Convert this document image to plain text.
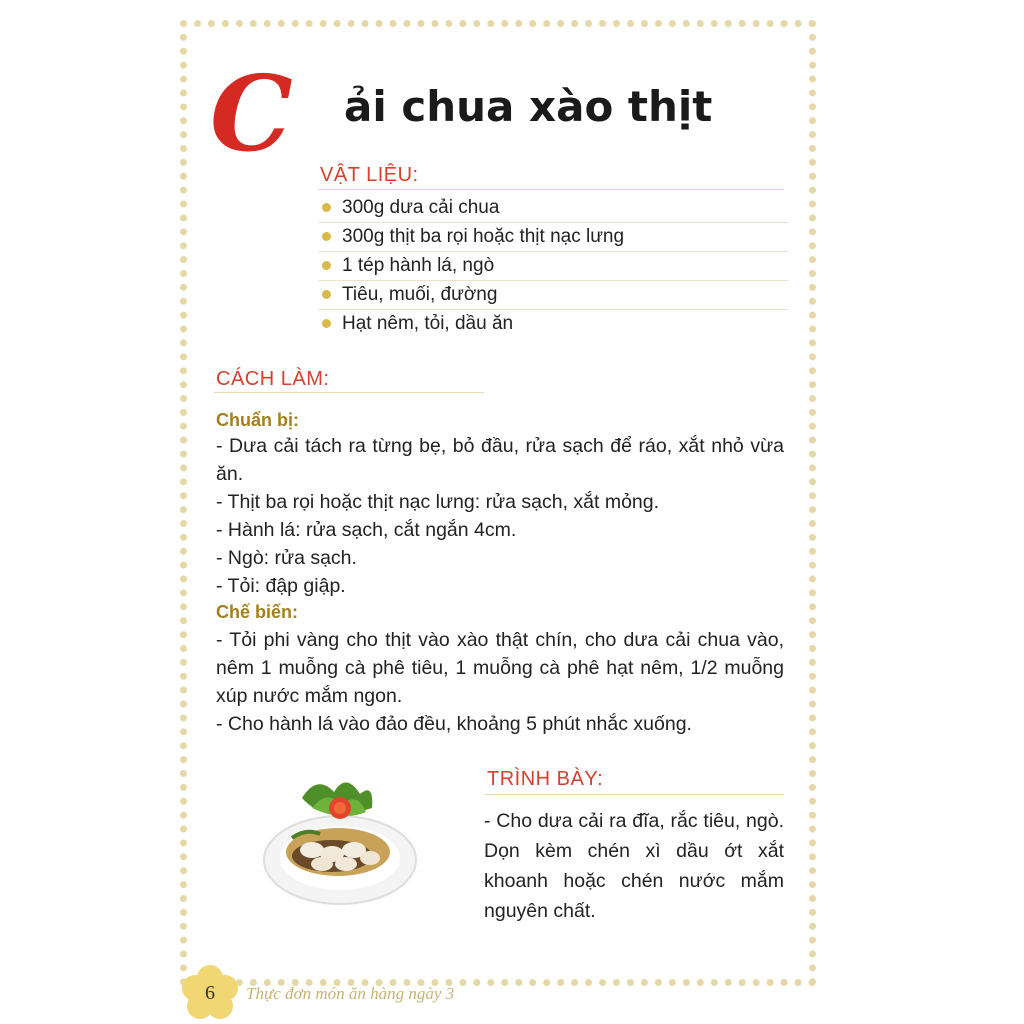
C ải chua xào thịt
VẬT LIỆU:
300g dưa cải chua
300g thịt ba rọi hoặc thịt nạc lưng
1 tép hành lá, ngò
Tiêu, muối, đường
Hạt nêm, tỏi, dầu ăn
CÁCH LÀM:
Chuẩn bị:

- Dưa cải tách ra từng bẹ, bỏ đầu, rửa sạch để ráo, xắt nhỏ vừa ăn.

- Thịt ba rọi hoặc thịt nạc lưng: rửa sạch, xắt mỏng.

- Hành lá: rửa sạch, cắt ngắn 4cm.

- Ngò: rửa sạch.

- Tỏi: đập giập.

Chế biến:

- Tỏi phi vàng cho thịt vào xào thật chín, cho dưa cải chua vào, nêm 1 muỗng cà phê tiêu, 1 muỗng cà phê hạt nêm, 1/2 muỗng xúp nước mắm ngon.

- Cho hành lá vào đảo đều, khoảng 5 phút nhắc xuống.

TRÌNH BÀY:
- Cho dưa cải ra đĩa, rắc tiêu, ngò. Dọn kèm chén xì dầu ớt xắt khoanh hoặc chén nước mắm nguyên chất.
6	Thực đơn món ăn hàng ngày 3
